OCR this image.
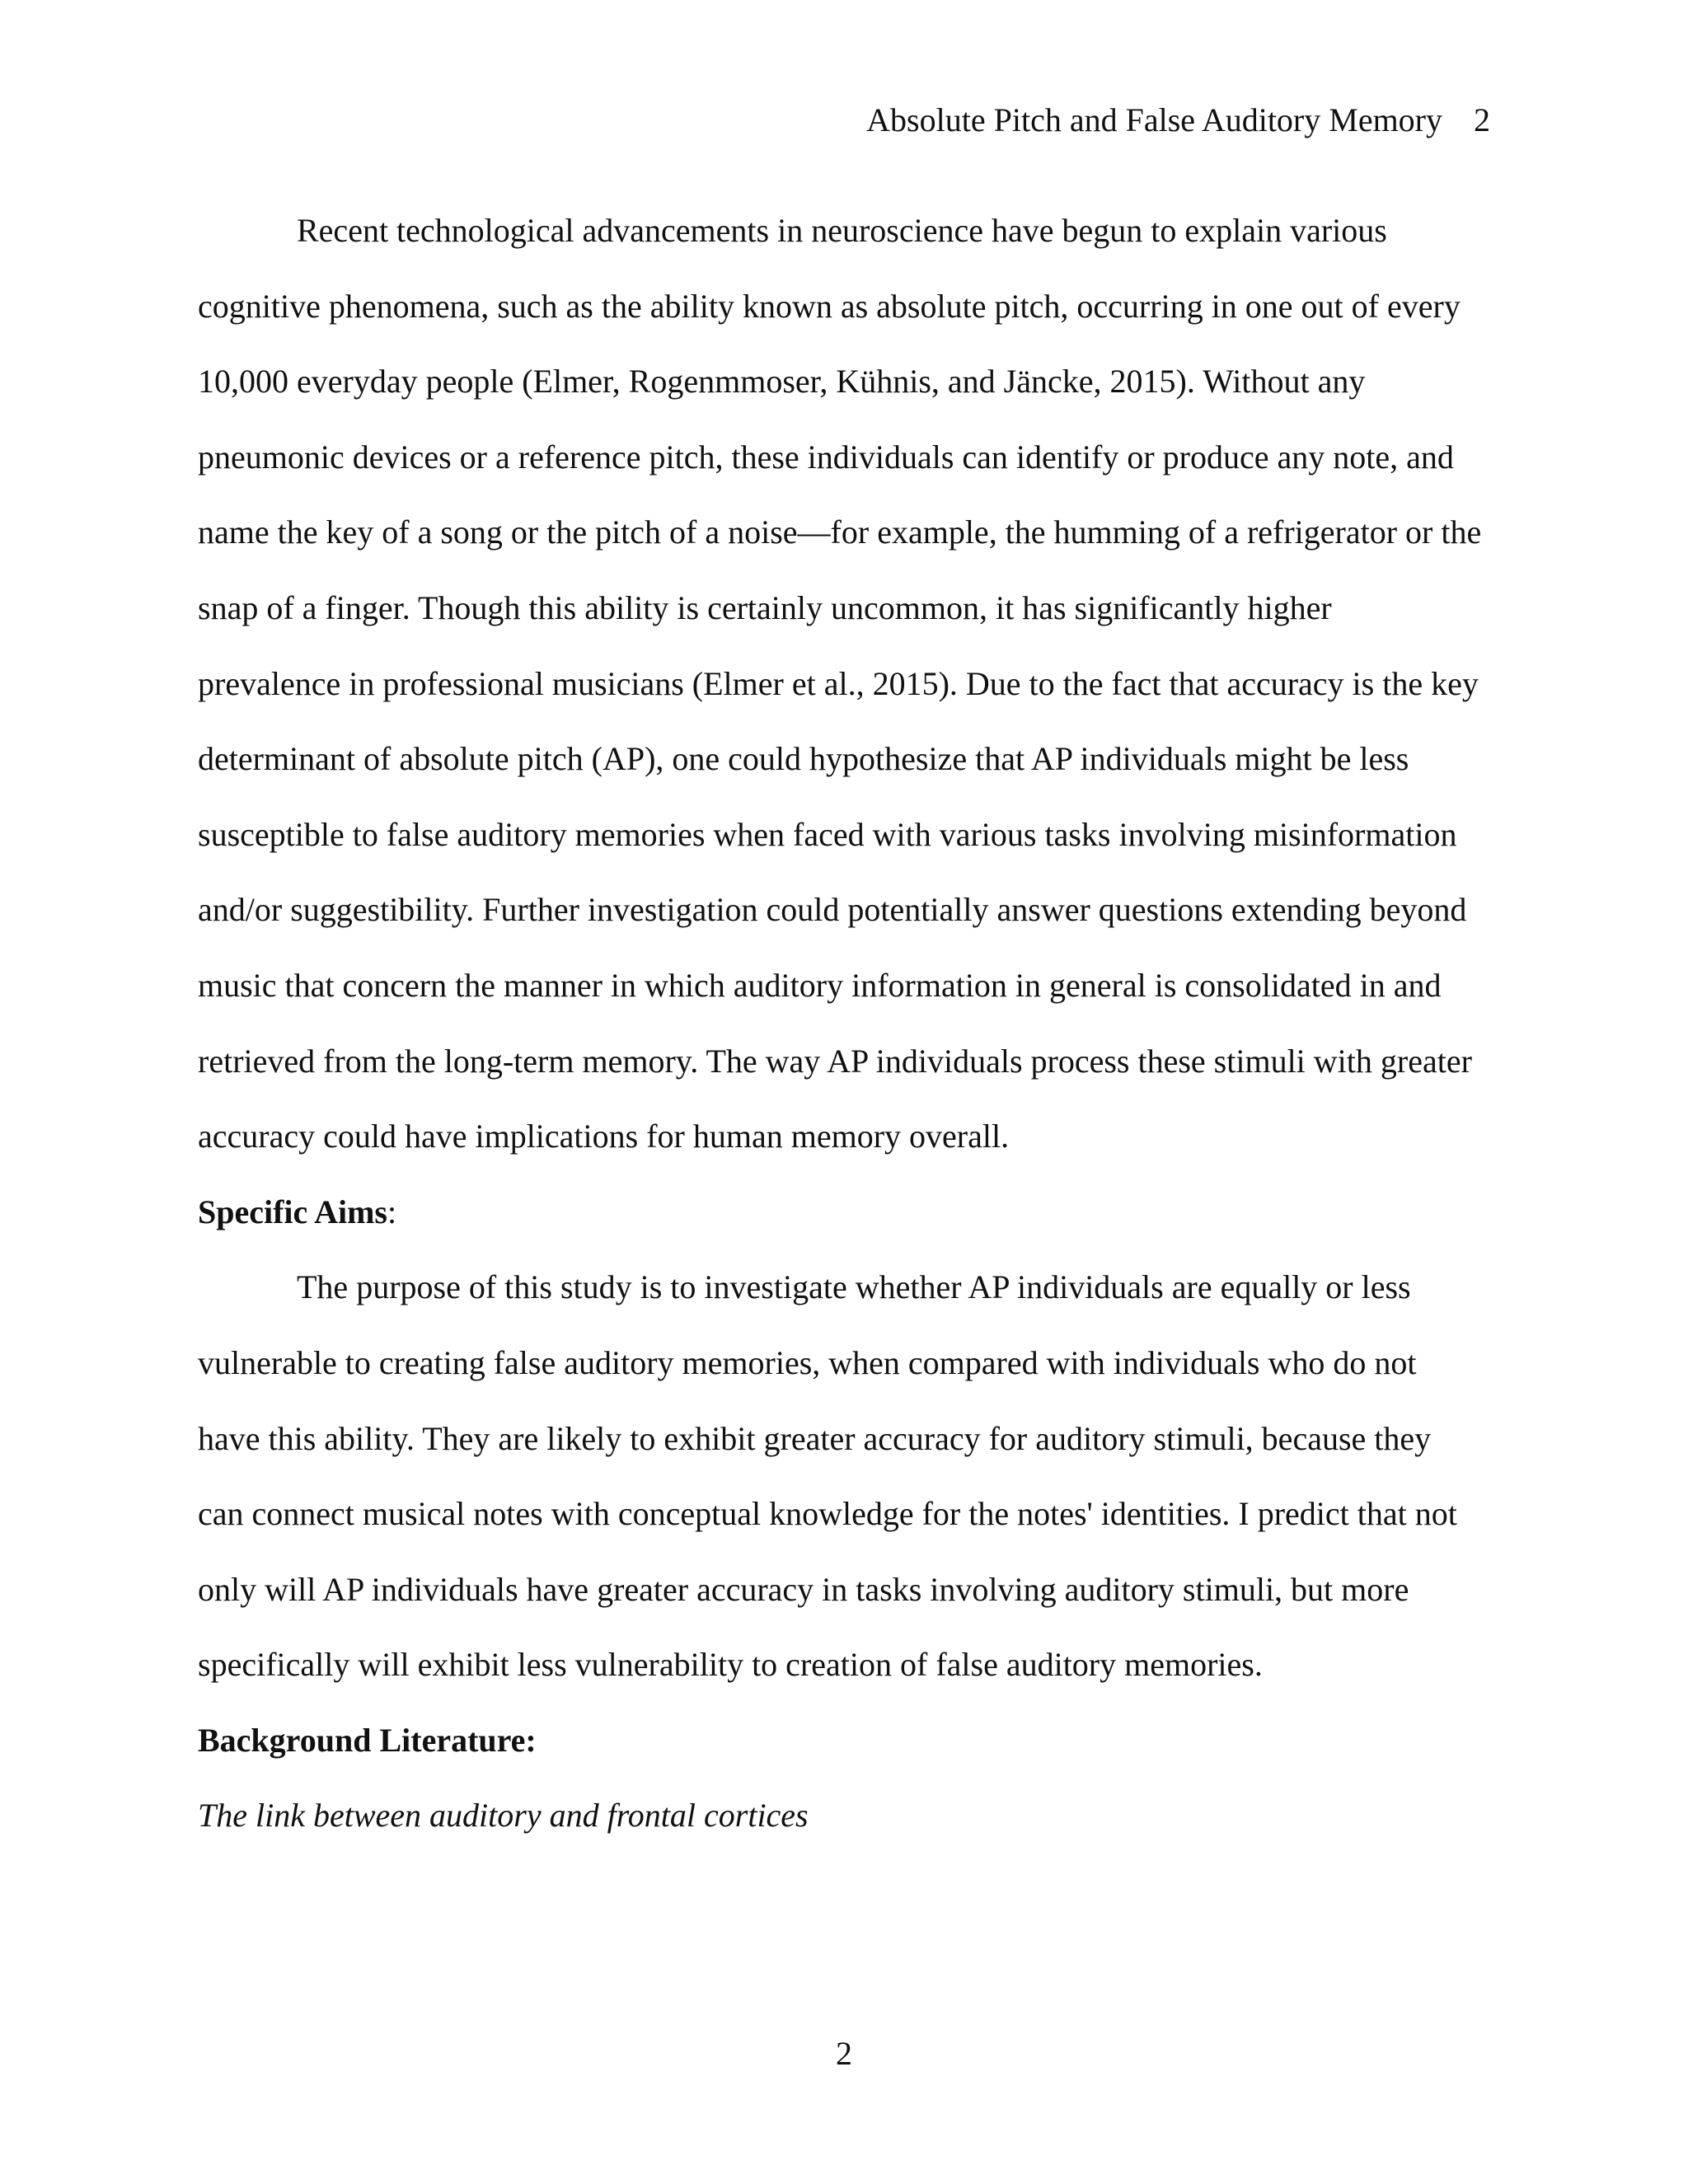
Absolute Pitch and False Auditory Memory 2
Recent technological advancements in neuroscience have begun to explain various
cognitive phenomena, such as the ability known as absolute pitch, occurring in one out of every
10,000 everyday people (Elmer, Rogenmmoser, Kühnis, and Jäncke, 2015). Without any
pneumonic devices or a reference pitch, these individuals can identify or produce any note, and
name the key of a song or the pitch of a noise—for example, the humming of a refrigerator or the
snap of a finger. Though this ability is certainly uncommon, it has significantly higher
prevalence in professional musicians (Elmer et al., 2015). Due to the fact that accuracy is the key
determinant of absolute pitch (AP), one could hypothesize that AP individuals might be less
susceptible to false auditory memories when faced with various tasks involving misinformation
and/or suggestibility. Further investigation could potentially answer questions extending beyond
music that concern the manner in which auditory information in general is consolidated in and
retrieved from the long-term memory. The way AP individuals process these stimuli with greater
accuracy could have implications for human memory overall.
Specific Aims:
The purpose of this study is to investigate whether AP individuals are equally or less
vulnerable to creating false auditory memories, when compared with individuals who do not
have this ability. They are likely to exhibit greater accuracy for auditory stimuli, because they
can connect musical notes with conceptual knowledge for the notes' identities. I predict that not
only will AP individuals have greater accuracy in tasks involving auditory stimuli, but more
specifically will exhibit less vulnerability to creation of false auditory memories.
Background Literature:
The link between auditory and frontal cortices
2
